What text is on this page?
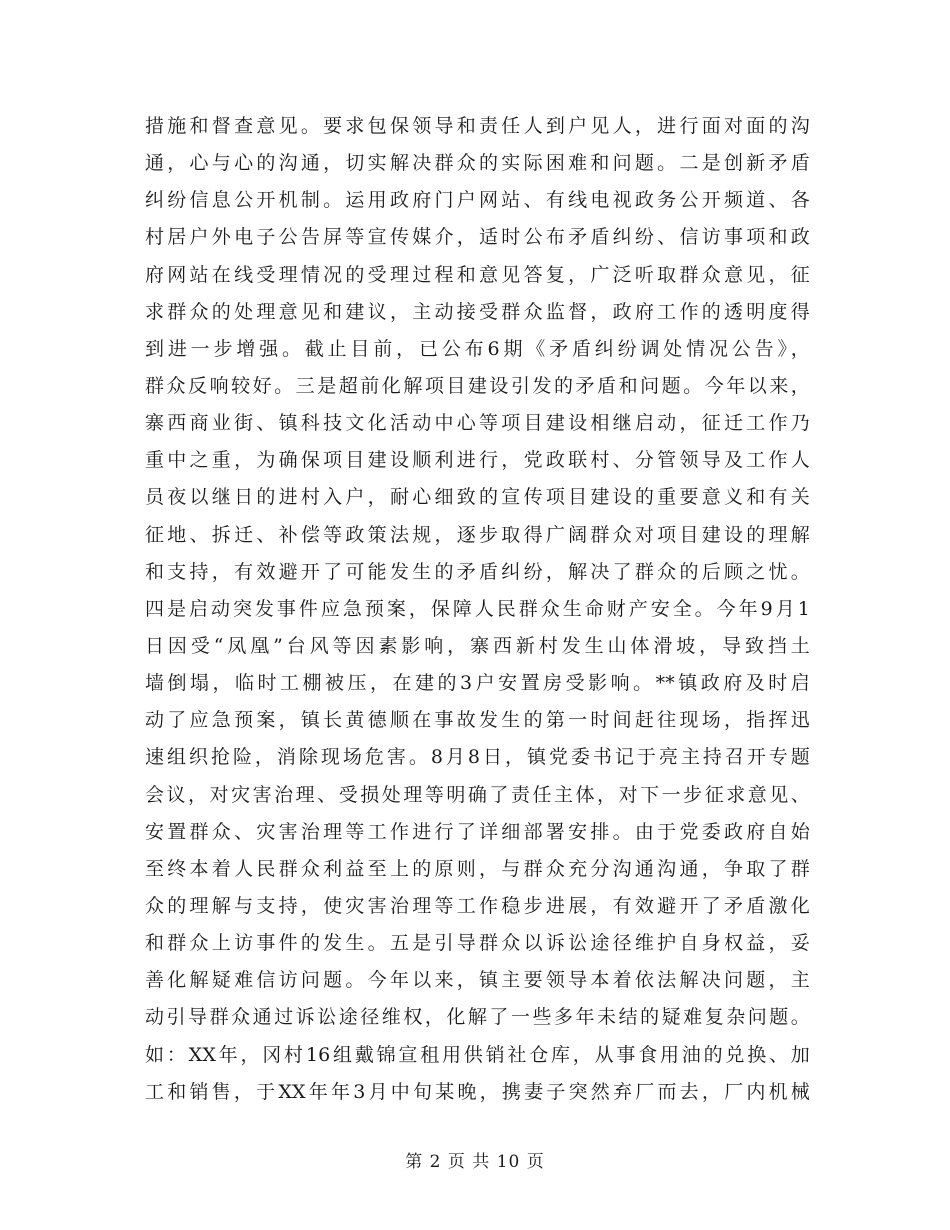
措施和督查意见。要求包保领导和责任人到户见人，进行面对面的沟
通，心与心的沟通，切实解决群众的实际困难和问题。二是创新矛盾
纠纷信息公开机制。运用政府门户网站、有线电视政务公开频道、各
村居户外电子公告屏等宣传媒介，适时公布矛盾纠纷、信访事项和政
府网站在线受理情况的受理过程和意见答复，广泛听取群众意见，征
求群众的处理意见和建议，主动接受群众监督，政府工作的透明度得
到进一步增强。截止目前，已公布6期《矛盾纠纷调处情况公告》，
群众反响较好。三是超前化解项目建设引发的矛盾和问题。今年以来，
寨西商业街、镇科技文化活动中心等项目建设相继启动，征迁工作乃
重中之重，为确保项目建设顺利进行，党政联村、分管领导及工作人
员夜以继日的进村入户，耐心细致的宣传项目建设的重要意义和有关
征地、拆迁、补偿等政策法规，逐步取得广阔群众对项目建设的理解
和支持，有效避开了可能发生的矛盾纠纷，解决了群众的后顾之忧。
四是启动突发事件应急预案，保障人民群众生命财产安全。今年9月1
日因受“凤凰”台风等因素影响，寨西新村发生山体滑坡，导致挡土
墙倒塌，临时工棚被压，在建的3户安置房受影响。**镇政府及时启
动了应急预案，镇长黄德顺在事故发生的第一时间赶往现场，指挥迅
速组织抢险，消除现场危害。8月8日，镇党委书记于亮主持召开专题
会议，对灾害治理、受损处理等明确了责任主体，对下一步征求意见、
安置群众、灾害治理等工作进行了详细部署安排。由于党委政府自始
至终本着人民群众利益至上的原则，与群众充分沟通沟通，争取了群
众的理解与支持，使灾害治理等工作稳步进展，有效避开了矛盾激化
和群众上访事件的发生。五是引导群众以诉讼途径维护自身权益，妥
善化解疑难信访问题。今年以来，镇主要领导本着依法解决问题，主
动引导群众通过诉讼途径维权，化解了一些多年未结的疑难复杂问题。
如：XX年，冈村16组戴锦宣租用供销社仓库，从事食用油的兑换、加
工和销售，于XX年年3月中旬某晚，携妻子突然弃厂而去，厂内机械
第 2 页 共 10 页
